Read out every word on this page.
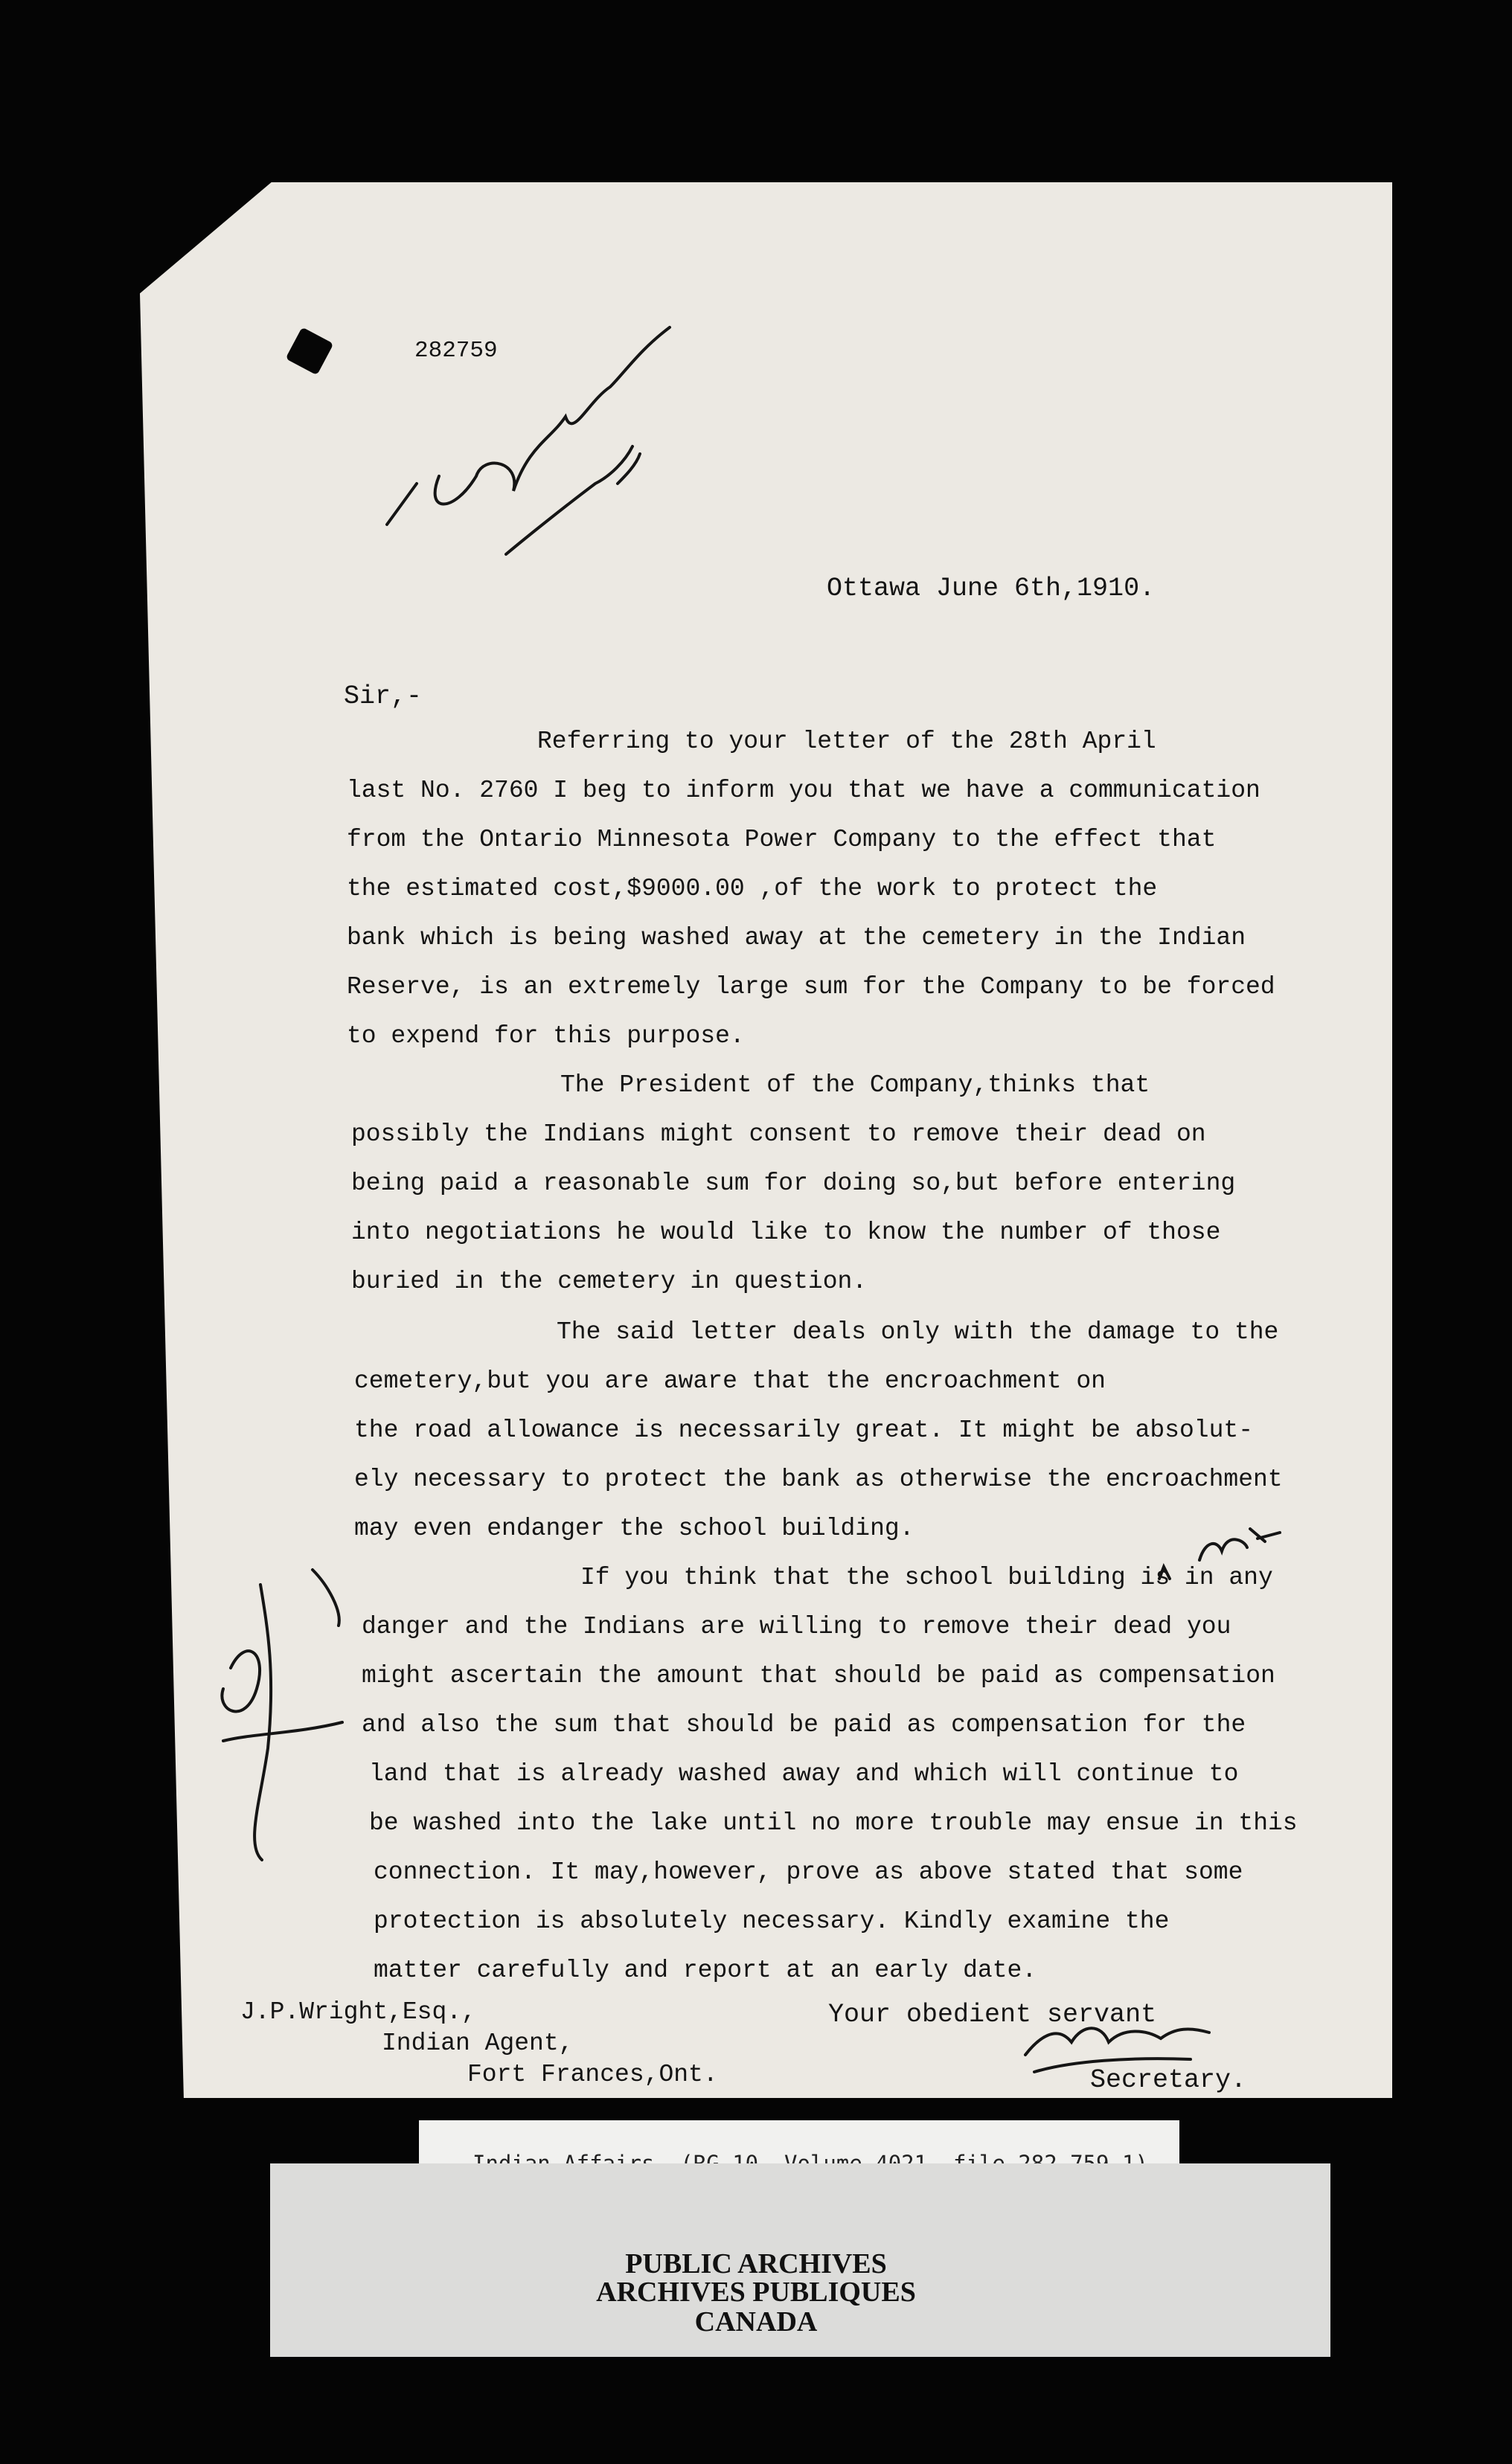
282759
Ottawa June 6th,1910.
Sir,-
Referring to your letter of the 28th April
last No. 2760 I beg to inform you that we have a communication
from the Ontario Minnesota Power Company to the effect that
the estimated cost,$9000.00 ,of the work to protect the
bank which is being washed away at the cemetery in the Indian
Reserve, is an extremely large sum for the Company to be forced
to expend for this purpose.
The President of the Company,thinks that
possibly the Indians might consent to remove their dead on
being paid a reasonable sum for doing so,but before entering
into negotiations he would like to know the number of those
buried in the cemetery in question.
The said letter deals only with the damage to the
cemetery,but you are aware that the encroachment on
the road allowance is necessarily great. It might be absolut-
ely necessary to protect the bank as otherwise the encroachment
may even endanger the school building.
If you think that the school building is in any
danger and the Indians are willing to remove their dead you
might ascertain the amount that should be paid as compensation
and also the sum that should be paid as compensation for the
land that is already washed away and which will continue to
be washed into the lake until no more trouble may ensue in this
connection. It may,however, prove as above stated that some
protection is absolutely necessary. Kindly examine the
matter carefully and report at an early date.
Your obedient servant
Secretary.
J.P.Wright,Esq.,
Indian Agent,
Fort Frances,Ont.
PUBLIC ARCHIVES
ARCHIVES PUBLIQUES
CANADA
